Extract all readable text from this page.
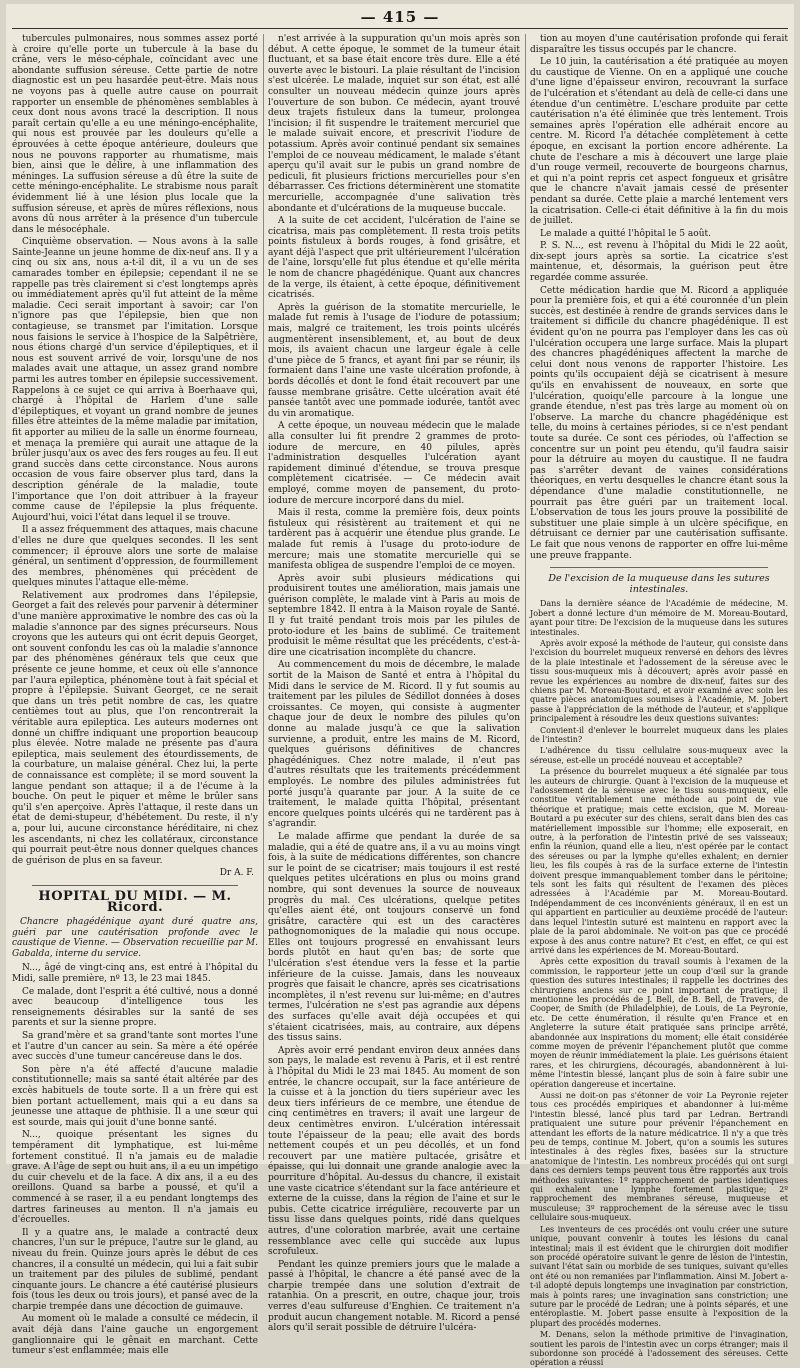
— 415 —

tubercules pulmonaires, nous sommes assez porté à croire qu'elle porte un tubercule à la base du crâne, vers le méso-céphale, coïncidant avec une abondante suffusion séreuse. Cette partie de notre diagnostic est un peu hasardée peut-être. Mais nous ne voyons pas à quelle autre cause on pourrait rapporter un ensemble de phénomènes semblables à ceux dont nous avons tracé la description. Il nous paraît certain qu'elle a eu une méningo-encéphalite, qui nous est prouvée par les douleurs qu'elle a éprouvées à cette époque antérieure, douleurs que nous ne pouvons rapporter au rhumatisme, mais bien, ainsi que le délire, à une inflammation des méninges. La suffusion séreuse a dû être la suite de cette méningo-encéphalite. Le strabisme nous paraît évidemment lié à une lésion plus locale que la suffusion séreuse, et après de mûres réflexions, nous avons dû nous arrêter à la présence d'un tubercule dans le mésocéphale.

Cinquième observation. — Nous avons à la salle Sainte-Jeanne un jeune homme de dix-neuf ans. Il y a cinq ou six ans, nous a-t-il dit, il a vu un de ses camarades tomber en épilepsie; cependant il ne se rappelle pas très clairement si c'est longtemps après ou immédiatement après qu'il fut atteint de la même maladie. Ceci serait important à savoir; car l'on n'ignore pas que l'épilepsie, bien que non contagieuse, se transmet par l'imitation. Lorsque nous faisions le service à l'hospice de la Salpêtrière, nous étions chargé d'un service d'épileptiques, et il nous est souvent arrivé de voir, lorsqu'une de nos malades avait une attaque, un assez grand nombre parmi les autres tomber en épilepsie successivement. Rappelons à ce sujet ce qui arriva à Boerhaave qui, chargé à l'hôpital de Harlem d'une salle d'épileptiques, et voyant un grand nombre de jeunes filles être atteintes de la même maladie par imitation, fit apporter au milieu de la salle un énorme fourneau, et menaça la première qui aurait une attaque de la brûler jusqu'aux os avec des fers rouges au feu. Il eut grand succès dans cette circonstance. Nous aurons occasion de vous faire observer plus tard, dans la description générale de la maladie, toute l'importance que l'on doit attribuer à la frayeur comme cause de l'épilepsie la plus fréquente. Aujourd'hui, voici l'état dans lequel il se trouve.

Il a assez fréquemment des attaques, mais chacune d'elles ne dure que quelques secondes. Il les sent commencer; il éprouve alors une sorte de malaise général, un sentiment d'oppression, de fourmillement des membres, phénomènes qui précèdent de quelques minutes l'attaque elle-même.

Relativement aux prodromes dans l'épilepsie, Georget a fait des relevés pour parvenir à déterminer d'une manière approximative le nombre des cas où la maladie s'annonce par des signes précurseurs. Nous croyons que les auteurs qui ont écrit depuis Georget, ont souvent confondu les cas où la maladie s'annonce par des phénomènes généraux tels que ceux que présente ce jeune homme, et ceux où elle s'annonce par l'aura epileptica, phénomène tout à fait spécial et propre à l'épilepsie. Suivant Georget, ce ne serait que dans un très petit nombre de cas, les quatre centièmes tout au plus, que l'on rencontrerait la véritable aura epileptica. Les auteurs modernes ont donné un chiffre indiquant une proportion beaucoup plus élevée. Notre malade ne présente pas d'aura epileptica, mais seulement des étourdissements, de la courbature, un malaise général. Chez lui, la perte de connaissance est complète; il se mord souvent la langue pendant son attaque; il a de l'écume à la bouche. On peut le piquer et même le brûler sans qu'il s'en aperçoive. Après l'attaque, il reste dans un état de demi-stupeur, d'hébétement. Du reste, il n'y a, pour lui, aucune circonstance héréditaire, ni chez les ascendants, ni chez les collatéraux, circonstance qui pourrait peut-être nous donner quelques chances de guérison de plus en sa faveur.

Dr A. F.
HOPITAL DU MIDI. — M. Ricord.
Chancre phagédénique ayant duré quatre ans, guéri par une cautérisation profonde avec le caustique de Vienne. — Observation recueillie par M. Gabalda, interne du service.

N..., âgé de vingt-cinq ans, est entré à l'hôpital du Midi, salle première, nº 13, le 23 mai 1845.

Ce malade, dont l'esprit a été cultivé, nous a donné avec beaucoup d'intelligence tous les renseignements désirables sur la santé de ses parents et sur la sienne propre.

Sa grand'mère et sa grand'tante sont mortes l'une et l'autre d'un cancer au sein. Sa mère a été opérée avec succès d'une tumeur cancéreuse dans le dos.

Son père n'a été affecté d'aucune maladie constitutionnelle; mais sa santé était altérée par des excès habituels de toute sorte. Il a un frère qui est bien portant actuellement, mais qui a eu dans sa jeunesse une attaque de phthisie. Il a une sœur qui est sourde, mais qui jouit d'une bonne santé.

N..., quoique présentant les signes du tempérament dit lymphatique, est lui-même fortement constitué. Il n'a jamais eu de maladie grave. A l'âge de sept ou huit ans, il a eu un impétigo du cuir chevelu et de la face. A dix ans, il a eu des oreillons. Quand sa barbe a poussé, et qu'il a commencé à se raser, il a eu pendant longtemps des dartres farineuses au menton. Il n'a jamais eu d'écrouelles.

Il y a quatre ans, le malade a contracté deux chancres, l'un sur le prépuce, l'autre sur le gland, au niveau du frein. Quinze jours après le début de ces chancres, il a consulté un médecin, qui lui a fait subir un traitement par des pilules de sublimé, pendant cinquante jours. Le chancre a été cautérisé plusieurs fois (tous les deux ou trois jours), et pansé avec de la charpie trempée dans une décoction de guimauve.

Au moment où le malade a consulté ce médecin, il avait déjà dans l'aine gauche un engorgement ganglionnaire qui le gênait en marchant. Cette tumeur s'est enflammée; mais elle

n'est arrivée à la suppuration qu'un mois après son début. A cette époque, le sommet de la tumeur était fluctuant, et sa base était encore très dure. Elle a été ouverte avec le bistouri. La plaie résultant de l'incision s'est ulcérée. Le malade, inquiet sur son état, est allé consulter un nouveau médecin quinze jours après l'ouverture de son bubon. Ce médecin, ayant trouvé deux trajets fistuleux dans la tumeur, prolongea l'incision; il fit suspendre le traitement mercuriel que le malade suivait encore, et prescrivit l'iodure de potassium. Après avoir continué pendant six semaines l'emploi de ce nouveau médicament, le malade s'étant aperçu qu'il avait sur le pubis un grand nombre de pediculi, fit plusieurs frictions mercurielles pour s'en débarrasser. Ces frictions déterminèrent une stomatite mercurielle, accompagnée d'une salivation très abondante et d'ulcérations de la muqueuse buccale.

A la suite de cet accident, l'ulcération de l'aine se cicatrisa, mais pas complètement. Il resta trois petits points fistuleux à bords rouges, à fond grisâtre, et ayant déjà l'aspect que prit ultérieurement l'ulcération de l'aine, lorsqu'elle fut plus étendue et qu'elle mérita le nom de chancre phagédénique. Quant aux chancres de la verge, ils étaient, à cette époque, définitivement cicatrisés.

Après la guérison de la stomatite mercurielle, le malade fut remis à l'usage de l'iodure de potassium; mais, malgré ce traitement, les trois points ulcérés augmentèrent insensiblement, et, au bout de deux mois, ils avaient chacun une largeur égale à celle d'une pièce de 5 francs, et ayant fini par se réunir, ils formaient dans l'aine une vaste ulcération profonde, à bords décollés et dont le fond était recouvert par une fausse membrane grisâtre. Cette ulcération avait été pansée tantôt avec une pommade iodurée, tantôt avec du vin aromatique.

A cette époque, un nouveau médecin que le malade alla consulter lui fit prendre 2 grammes de proto-iodure de mercure, en 40 pilules, après l'administration desquelles l'ulcération ayant rapidement diminué d'étendue, se trouva presque complètement cicatrisée. — Ce médecin avait employé, comme moyen de pansement, du proto-iodure de mercure incorporé dans du miel.

Mais il resta, comme la première fois, deux points fistuleux qui résistèrent au traitement et qui ne tardèrent pas à acquérir une étendue plus grande. Le malade fut remis à l'usage du proto-iodure de mercure; mais une stomatite mercurielle qui se manifesta obligea de suspendre l'emploi de ce moyen.

Après avoir subi plusieurs médications qui produisirent toutes une amélioration, mais jamais une guérison complète, le malade vint à Paris au mois de septembre 1842. Il entra à la Maison royale de Santé. Il y fut traité pendant trois mois par les pilules de proto-iodure et les bains de sublimé. Ce traitement produisit le même résultat que les précédents, c'est-à-dire une cicatrisation incomplète du chancre.

Au commencement du mois de décembre, le malade sortit de la Maison de Santé et entra à l'hôpital du Midi dans le service de M. Ricord. Il y fut soumis au traitement par les pilules de Sédillot données à doses croissantes. Ce moyen, qui consiste à augmenter chaque jour de deux le nombre des pilules qu'on donne au malade jusqu'à ce que la salivation survienne, a produit, entre les mains de M. Ricord, quelques guérisons définitives de chancres phagédéniques. Chez notre malade, il n'eut pas d'autres résultats que les traitements précédemment employés. Le nombre des pilules administrées fut porté jusqu'à quarante par jour. A la suite de ce traitement, le malade quitta l'hôpital, présentant encore quelques points ulcérés qui ne tardèrent pas à s'agrandir.

Le malade affirme que pendant la durée de sa maladie, qui a été de quatre ans, il a vu au moins vingt fois, à la suite de médications différentes, son chancre sur le point de se cicatriser; mais toujours il est resté quelques petites ulcérations en plus ou moins grand nombre, qui sont devenues la source de nouveaux progrès du mal. Ces ulcérations, quelque petites qu'elles aient été, ont toujours conservé un fond grisâtre, caractère qui est un des caractères pathognomoniques de la maladie qui nous occupe. Elles ont toujours progressé en envahissant leurs bords plutôt en haut qu'en bas; de sorte que l'ulcération s'est étendue vers la fesse et la partie inférieure de la cuisse. Jamais, dans les nouveaux progrès que faisait le chancre, après ses cicatrisations incomplètes, il n'est revenu sur lui-même; en d'autres termes, l'ulcération ne s'est pas agrandie aux dépens des surfaces qu'elle avait déjà occupées et qui s'étaient cicatrisées, mais, au contraire, aux dépens des tissus sains.

Après avoir erré pendant environ deux années dans son pays, le malade est revenu à Paris, et il est rentré à l'hôpital du Midi le 23 mai 1845. Au moment de son entrée, le chancre occupait, sur la face antérieure de la cuisse et à la jonction du tiers supérieur avec les deux tiers inférieurs de ce membre, une étendue de cinq centimètres en travers; il avait une largeur de deux centimètres environ. L'ulcération intéressait toute l'épaisseur de la peau; elle avait des bords nettement coupés et un peu décollés, et un fond recouvert par une matière pultacée, grisâtre et épaisse, qui lui donnait une grande analogie avec la pourriture d'hôpital. Au-dessus du chancre, il existait une vaste cicatrice s'étendant sur la face antérieure et externe de la cuisse, dans la région de l'aine et sur le pubis. Cette cicatrice irrégulière, recouverte par un tissu lisse dans quelques points, ridé dans quelques autres, d'une coloration marbrée, avait une certaine ressemblance avec celle qui succède aux lupus scrofuleux.

Pendant les quinze premiers jours que le malade a passé à l'hôpital, le chancre a été pansé avec de la charpie trempée dans une solution d'extrait de ratanhia. On a prescrit, en outre, chaque jour, trois verres d'eau sulfureuse d'Enghien. Ce traitement n'a produit aucun changement notable. M. Ricord a pensé alors qu'il serait possible de détruire l'ulcéra-

tion au moyen d'une cautérisation profonde qui ferait disparaître les tissus occupés par le chancre.

Le 10 juin, la cautérisation a été pratiquée au moyen du caustique de Vienne. On en a appliqué une couche d'une ligne d'épaisseur environ, recouvrant la surface de l'ulcération et s'étendant au delà de celle-ci dans une étendue d'un centimètre. L'eschare produite par cette cautérisation n'a été éliminée que très lentement. Trois semaines après l'opération elle adhérait encore au centre. M. Ricord l'a détachée complètement à cette époque, en excisant la portion encore adhérente. La chute de l'eschare a mis à découvert une large plaie d'un rouge vermeil, recouverte de bourgeons charnus, et qui n'a point repris cet aspect fongueux et grisâtre que le chancre n'avait jamais cessé de présenter pendant sa durée. Cette plaie a marché lentement vers la cicatrisation. Celle-ci était définitive à la fin du mois de juillet.

Le malade a quitté l'hôpital le 5 août.

P. S. N..., est revenu à l'hôpital du Midi le 22 août, dix-sept jours après sa sortie. La cicatrice s'est maintenue, et, désormais, la guérison peut être regardée comme assurée.

Cette médication hardie que M. Ricord a appliquée pour la première fois, et qui a été couronnée d'un plein succès, est destinée à rendre de grands services dans le traitement si difficile du chancre phagédénique. Il est évident qu'on ne pourra pas l'employer dans les cas où l'ulcération occupera une large surface. Mais la plupart des chancres phagédéniques affectent la marche de celui dont nous venons de rapporter l'histoire. Les points qu'ils occupaient déjà se cicatrisent à mesure qu'ils en envahissent de nouveaux, en sorte que l'ulcération, quoiqu'elle parcoure à la longue une grande étendue, n'est pas très large au moment où on l'observe. La marche du chancre phagédénique est telle, du moins à certaines périodes, si ce n'est pendant toute sa durée. Ce sont ces périodes, où l'affection se concentre sur un point peu étendu, qu'il faudra saisir pour la détruire au moyen du caustique. Il ne faudra pas s'arrêter devant de vaines considérations théoriques, en vertu desquelles le chancre étant sous la dépendance d'une maladie constitutionnelle, ne pourrait pas être guéri par un traitement local. L'observation de tous les jours prouve la possibilité de substituer une plaie simple à un ulcère spécifique, en détruisant ce dernier par une cautérisation suffisante. Le fait que nous venons de rapporter en offre lui-même une preuve frappante.

De l'excision de la muqueuse dans les sutures intestinales.

Dans la dernière séance de l'Académie de médecine, M. Jobert a donné lecture d'un mémoire de M. Moreau-Boutard, ayant pour titre: De l'excision de la muqueuse dans les sutures intestinales.

Après avoir exposé la méthode de l'auteur, qui consiste dans l'excision du bourrelet muqueux renversé en dehors des lèvres de la plaie intestinale et l'adossement de la séreuse avec le tissu sous-muqueux mis à découvert; après avoir passé en revue les expériences au nombre de dix-neuf, faites sur des chiens par M. Moreau-Boutard, et avoir examiné avec soin les quatre pièces anatomiques soumises à l'Académie, M. Jobert passe à l'appréciation de la méthode de l'auteur, et s'applique principalement à résoudre les deux questions suivantes:

Convient-il d'enlever le bourrelet muqueux dans les plaies de l'intestin?

L'adhérence du tissu cellulaire sous-muqueux avec la séreuse, est-elle un procédé nouveau et acceptable?

La présence du bourrelet muqueux a été signalée par tous les auteurs de chirurgie. Quant à l'excision de la muqueuse et l'adossement de la séreuse avec le tissu sous-muqueux, elle constitue véritablement une méthode au point de vue théorique et pratique; mais cette excision, que M. Moreau-Boutard a pu exécuter sur des chiens, serait dans bien des cas matériellement impossible sur l'homme; elle exposerait, en outre, à la perforation de l'intestin privé de ses vaisseaux; enfin la réunion, quand elle a lieu, n'est opérée par le contact des séreuses ou par la lymphe qu'elles exhalent; en dernier lieu, les fils coupés à ras de la surface externe de l'intestin doivent presque immanquablement tomber dans le péritoine; tels sont les faits qui résultent de l'examen des pièces adressées à l'Académie par M. Moreau-Boutard. Indépendamment de ces inconvénients généraux, il en est un qui appartient en particulier au deuxième procédé de l'auteur: dans lequel l'intestin suturé est maintenu en rapport avec la plaie de la paroi abdominale. Ne voit-on pas que ce procédé expose à des anus contre nature? Et c'est, en effet, ce qui est arrivé dans les expériences de M. Moreau-Boutard.

Après cette exposition du travail soumis à l'examen de la commission, le rapporteur jette un coup d'œil sur la grande question des sutures intestinales; il rappelle les doctrines des chirurgiens anciens sur ce point important de pratique; il mentionne les procédés de J. Bell, de B. Bell, de Travers, de Cooper, de Smith (de Philadelphie), de Louis, de La Peyronie, etc. De cette énumération, il résulte qu'en France et en Angleterre la suture était pratiquée sans principe arrêté, abandonnée aux inspirations du moment; elle était considérée comme moyen de prévenir l'épanchement plutôt que comme moyen de réunir immédiatement la plaie. Les guérisons étaient rares, et les chirurgiens, découragés, abandonnèrent à lui-même l'intestin blessé, lançant plus de soin à faire subir une opération dangereuse et incertaine.

Aussi ne doit-on pas s'étonner de voir La Peyronie rejeter tous ces procédés empiriques et abandonner à lui-même l'intestin blessé, lancé plus tard par Ledran. Bertrandi pratiquaient une suture pour prévenir l'épanchement en attendant les efforts de la nature médicatrice. Il n'y a que très peu de temps, continue M. Jobert, qu'on a soumis les sutures intestinales à des règles fixes, basées sur la structure anatomique de l'intestin. Les nombreux procédés qui ont surgi dans ces derniers temps peuvent tous être rapportés aux trois méthodes suivantes: 1º rapprochement de parties identiques qui exhalent une lymphe fortement plastique; 2º rapprochement des membranes séreuse, muqueuse et musculeuse; 3º rapprochement de la séreuse avec le tissu cellulaire sous-muqueux.

Les inventeurs de ces procédés ont voulu créer une suture unique, pouvant convenir à toutes les lésions du canal intestinal; mais il est évident que le chirurgien doit modifier son procédé opératoire suivant le genre de lésion de l'intestin, suivant l'état sain ou morbide de ses tuniques, suivant qu'elles ont été ou non remaniées par l'inflammation. Ainsi M. Jobert a-t-il adopté depuis longtemps une invagination par constriction, mais à points rares; une invagination sans constriction; une suture par le procédé de Ledran; une à points séparés, et une entéroplastie. M. Jobert passe ensuite à l'exposition de la plupart des procédés modernes.

M. Denans, selon la méthode primitive de l'invagination, soutient les parois de l'intestin avec un corps étranger; mais il subordonne son procédé à l'adossement des séreuses. Cette opération a réussi
